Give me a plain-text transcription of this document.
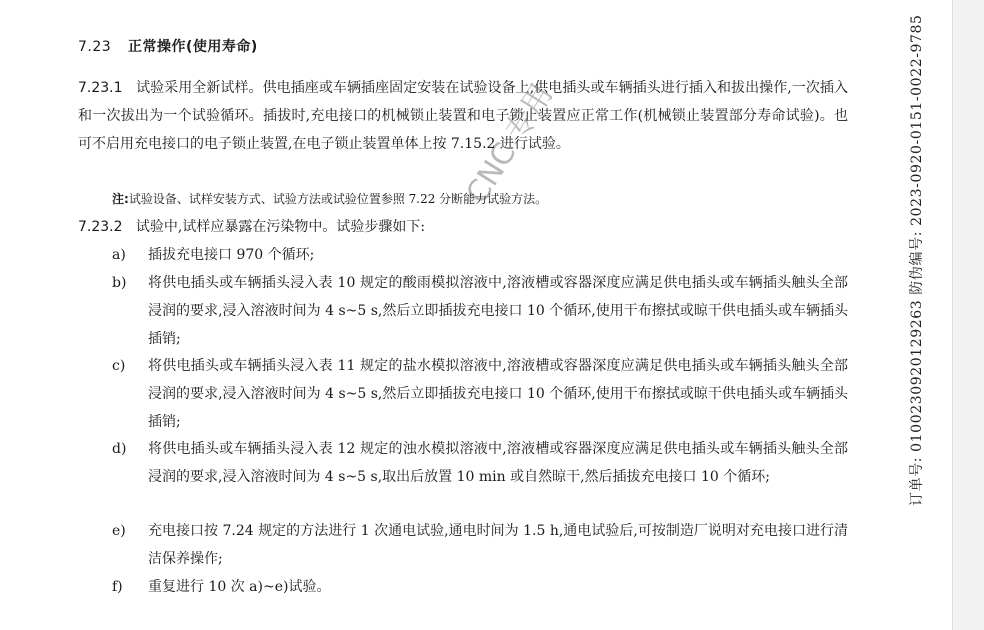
7.23 正常操作(使用寿命)
7.23.1 试验采用全新试样。供电插座或车辆插座固定安装在试验设备上,供电插头或车辆插头进行插入和拔出操作,一次插入和一次拔出为一个试验循环。插拔时,充电接口的机械锁止装置和电子锁止装置应正常工作(机械锁止装置部分寿命试验)。也可不启用充电接口的电子锁止装置,在电子锁止装置单体上按 7.15.2 进行试验。
注:试验设备、试样安装方式、试验方法或试验位置参照 7.22 分断能力试验方法。
7.23.2 试验中,试样应暴露在污染物中。试验步骤如下:
a)	插拔充电接口 970 个循环;
b)	将供电插头或车辆插头浸入表 10 规定的酸雨模拟溶液中,溶液槽或容器深度应满足供电插头或车辆插头触头全部浸润的要求,浸入溶液时间为 4 s~5 s,然后立即插拔充电接口 10 个循环,使用干布擦拭或晾干供电插头或车辆插头插销;
c)	将供电插头或车辆插头浸入表 11 规定的盐水模拟溶液中,溶液槽或容器深度应满足供电插头或车辆插头触头全部浸润的要求,浸入溶液时间为 4 s~5 s,然后立即插拔充电接口 10 个循环,使用干布擦拭或晾干供电插头或车辆插头插销;
d)	将供电插头或车辆插头浸入表 12 规定的浊水模拟溶液中,溶液槽或容器深度应满足供电插头或车辆插头触头全部浸润的要求,浸入溶液时间为 4 s~5 s,取出后放置 10 min 或自然晾干,然后插拔充电接口 10 个循环;
e)	充电接口按 7.24 规定的方法进行 1 次通电试验,通电时间为 1.5 h,通电试验后,可按制造厂说明对充电接口进行清洁保养操作;
f)	重复进行 10 次 a)~e)试验。
订单号: 0100230920129263 防伪编号: 2023-0920-0151-0022-9785
CNC 专用
